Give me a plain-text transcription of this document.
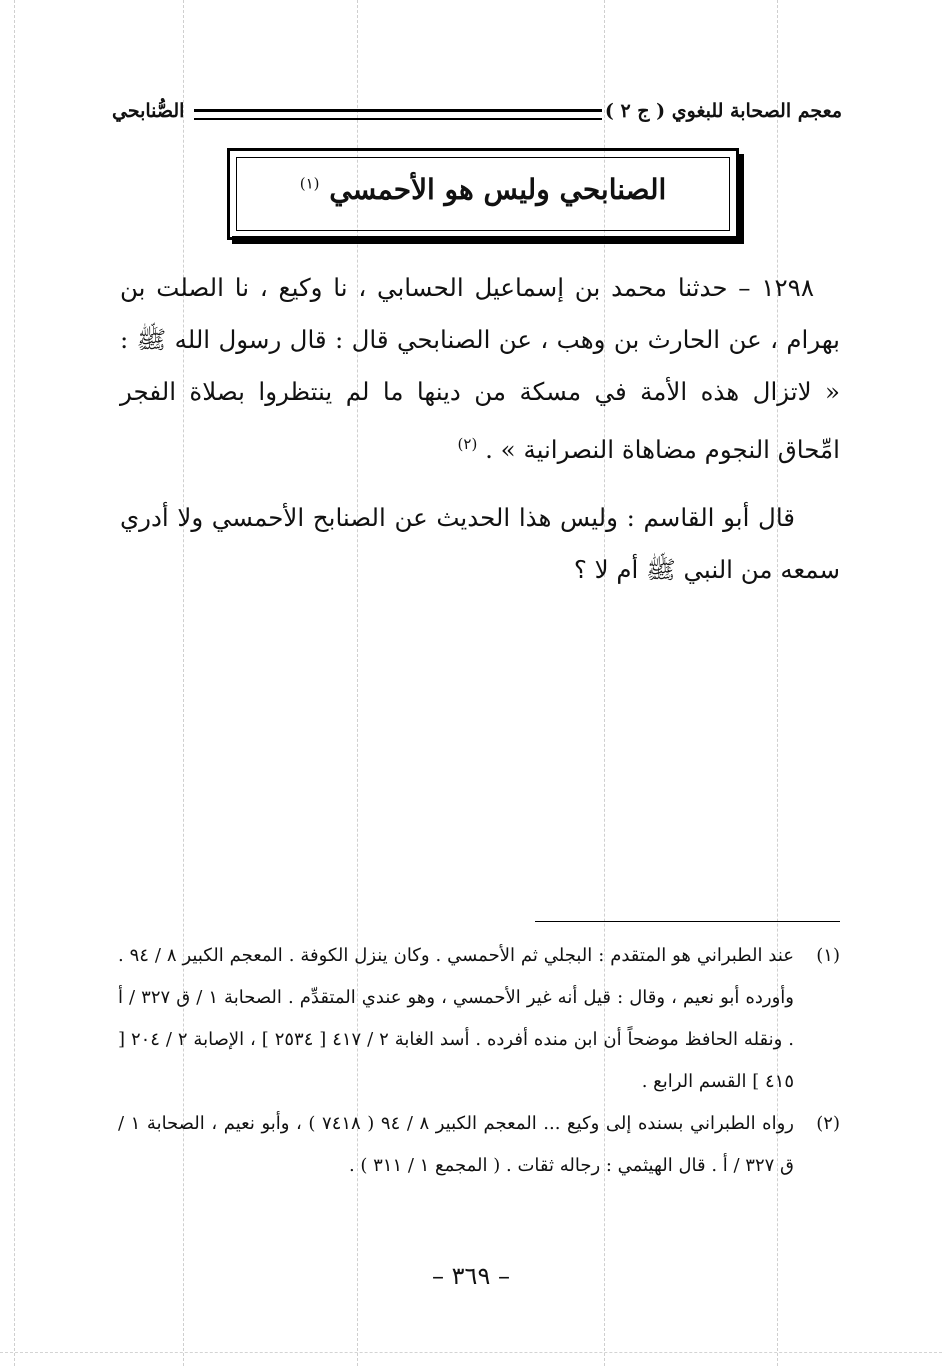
معجم الصحابة للبغوي ( ج ٢ )
الصُّنابحي
الصنابحي وليس هو الأحمسي $^{(١)}$

١٢٩٨ – حدثنا محمد بن إسماعيل الحسابي ، نا وكيع ، نا الصلت بن بهرام ، عن الحارث بن وهب ، عن الصنابحي قال : قال رسول الله ﷺ : « لاتزال هذه الأمة في مسكة من دينها ما لم ينتظروا بصلاة الفجر امِّحاق النجوم مضاهاة النصرانية » . $^{(٢)}$

قال أبو القاسم : وليس هذا الحديث عن الصنابح الأحمسي ولا أدري سمعه من النبي ﷺ أم لا ؟

(١)
عند الطبراني هو المتقدم : البجلي ثم الأحمسي . وكان ينزل الكوفة . المعجم الكبير ٨ / ٩٤ . وأورده أبو نعيم ، وقال : قيل أنه غير الأحمسي ، وهو عندي المتقدِّم . الصحابة ١ / ق ٣٢٧ / أ . ونقله الحافظ موضحاً أن ابن منده أفرده . أسد الغابة ٢ / ٤١٧ [ ٢٥٣٤ ] ، الإصابة ٢ / ٢٠٤ [ ٤١٥ ] القسم الرابع .
(٢)
رواه الطبراني بسنده إلى وكيع ... المعجم الكبير ٨ / ٩٤ ( ٧٤١٨ ) ، وأبو نعيم ، الصحابة ١ / ق ٣٢٧ / أ . قال الهيثمي : رجاله ثقات . ( المجمع ١ / ٣١١ ) .
– ٣٦٩ –
